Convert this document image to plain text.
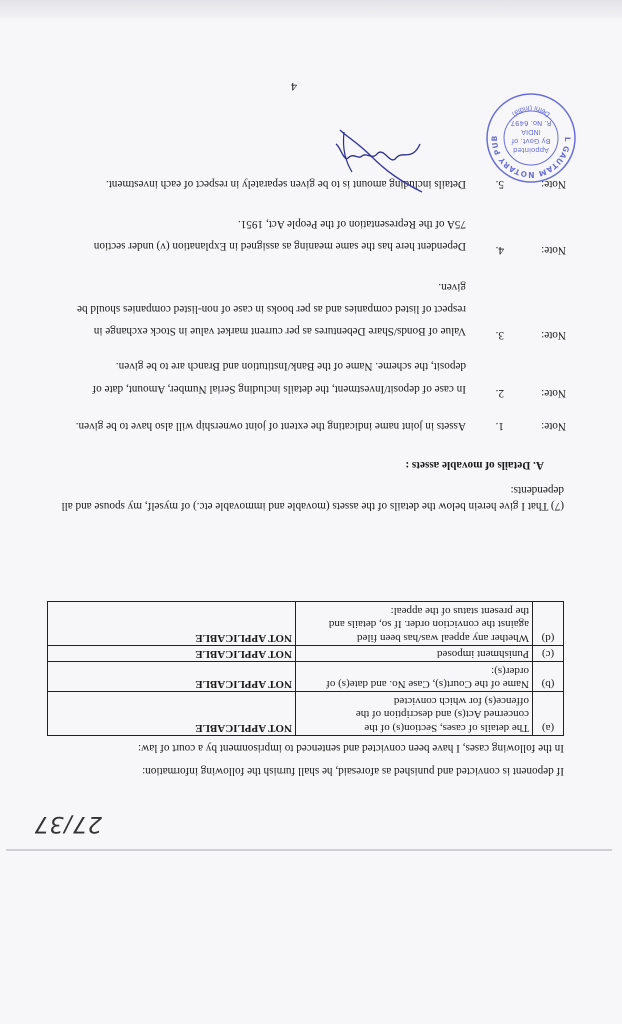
27/37
If deponent is convicted and punished as aforesaid, he shall furnish the following information:
In the following cases, I have been convicted and sentenced to imprisonment by a court of law:
(a)	The details of cases, Section(s) of the
concerned Act(s) and description of the
offence(s) for which convicted	NOT APPLICABLE
(b)	Name of the Court(s), Case No. and date(s) of
order(s):	NOT APPLICABLE
(c)	Punishment imposed	NOT APPLICABLE
(d)	Whether any appeal was/has been filed
against the conviction order. If so, details and
the present status of the appeal:	NOT APPLICABLE
(7) That I give herein below the details of the assets (movable and immovable etc.) of myself, my spouse and all
dependents:
A. Details of movable assets :
Note:
1.
Assets in joint name indicating the extent of joint ownership will also have to be given.
Note:
2.
In case of deposit/Investment, the details including Serial Number, Amount, date of
deposit, the scheme. Name of the Bank/Institution and Branch are to be given.
Note:
3.
Value of Bonds/Share Debentures as per current market value in Stock exchange in
respect of listed companies and as per books in case of non-listed companies should be
given.
Note:
4.
Dependent here has the same meaning as assigned in Explanation (v) under section
75A of the Representation of the People Act, 1951.
Note:
5.
Details including amount is to be given separately in respect of each investment.
L GAUTAM NOTARY PUB
Delhi (India)
Appointed
By Govt. of
INDIA
R. No. 6497
4
